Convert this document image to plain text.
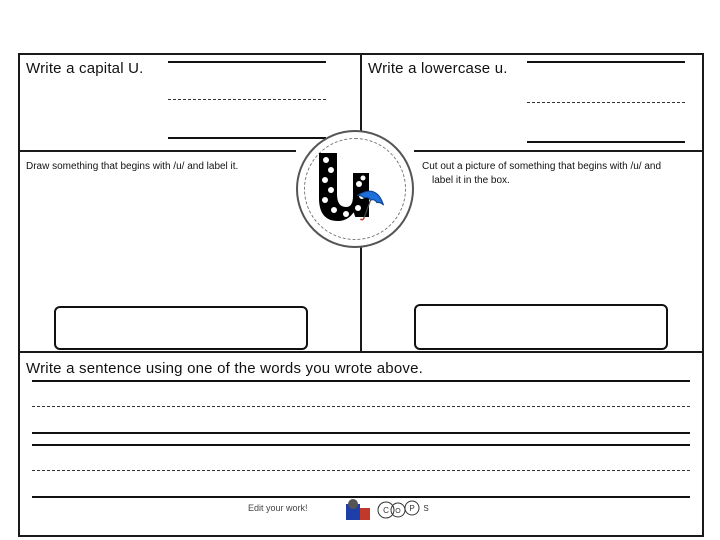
Write a capital U.	Write a lowercase u.
Draw something that begins with /u/ and label it.	Cut out a picture of something that begins with /u/ and
label it in the box.
Write a sentence using one of the words you wrote above.
Edit your work!	C O P S
